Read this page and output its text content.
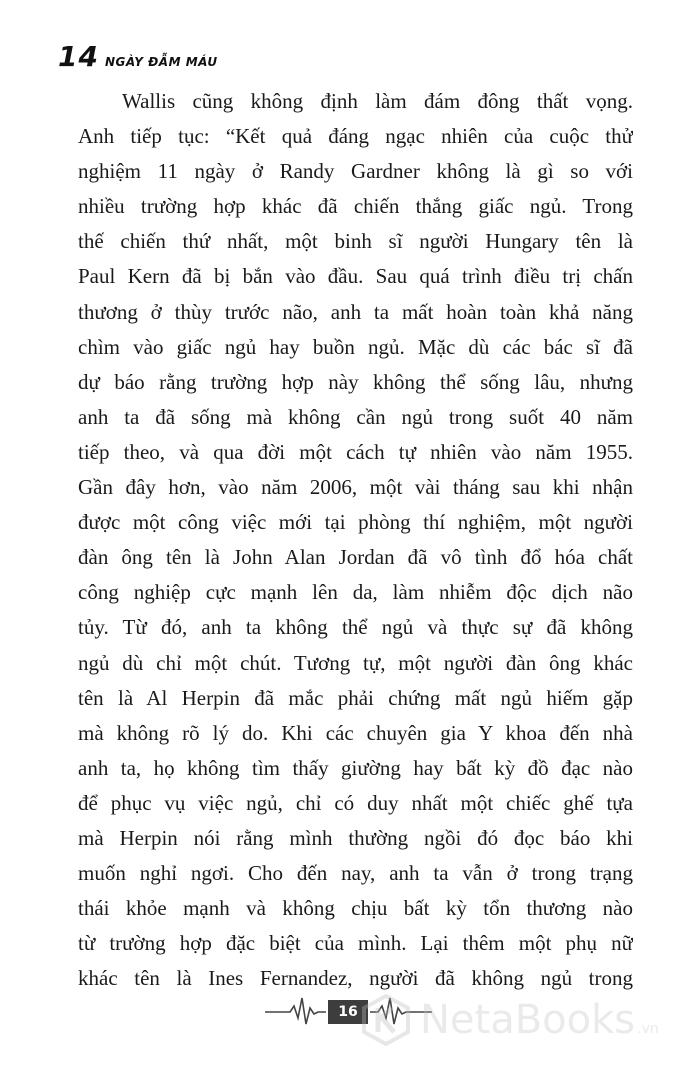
14 NGÀY ĐẪM MÁU
Wallis cũng không định làm đám đông thất vọng.
Anh tiếp tục: “Kết quả đáng ngạc nhiên của cuộc thử
nghiệm 11 ngày ở Randy Gardner không là gì so với
nhiều trường hợp khác đã chiến thắng giấc ngủ. Trong
thế chiến thứ nhất, một binh sĩ người Hungary tên là
Paul Kern đã bị bắn vào đầu. Sau quá trình điều trị chấn
thương ở thùy trước não, anh ta mất hoàn toàn khả năng
chìm vào giấc ngủ hay buồn ngủ. Mặc dù các bác sĩ đã
dự báo rằng trường hợp này không thể sống lâu, nhưng
anh ta đã sống mà không cần ngủ trong suốt 40 năm
tiếp theo, và qua đời một cách tự nhiên vào năm 1955.
Gần đây hơn, vào năm 2006, một vài tháng sau khi nhận
được một công việc mới tại phòng thí nghiệm, một người
đàn ông tên là John Alan Jordan đã vô tình đổ hóa chất
công nghiệp cực mạnh lên da, làm nhiễm độc dịch não
tủy. Từ đó, anh ta không thể ngủ và thực sự đã không
ngủ dù chỉ một chút. Tương tự, một người đàn ông khác
tên là Al Herpin đã mắc phải chứng mất ngủ hiếm gặp
mà không rõ lý do. Khi các chuyên gia Y khoa đến nhà
anh ta, họ không tìm thấy giường hay bất kỳ đồ đạc nào
để phục vụ việc ngủ, chỉ có duy nhất một chiếc ghế tựa
mà Herpin nói rằng mình thường ngồi đó đọc báo khi
muốn nghỉ ngơi. Cho đến nay, anh ta vẫn ở trong trạng
thái khỏe mạnh và không chịu bất kỳ tổn thương nào
từ trường hợp đặc biệt của mình. Lại thêm một phụ nữ
khác tên là Ines Fernandez, người đã không ngủ trong
16 NetaBooks .vn
